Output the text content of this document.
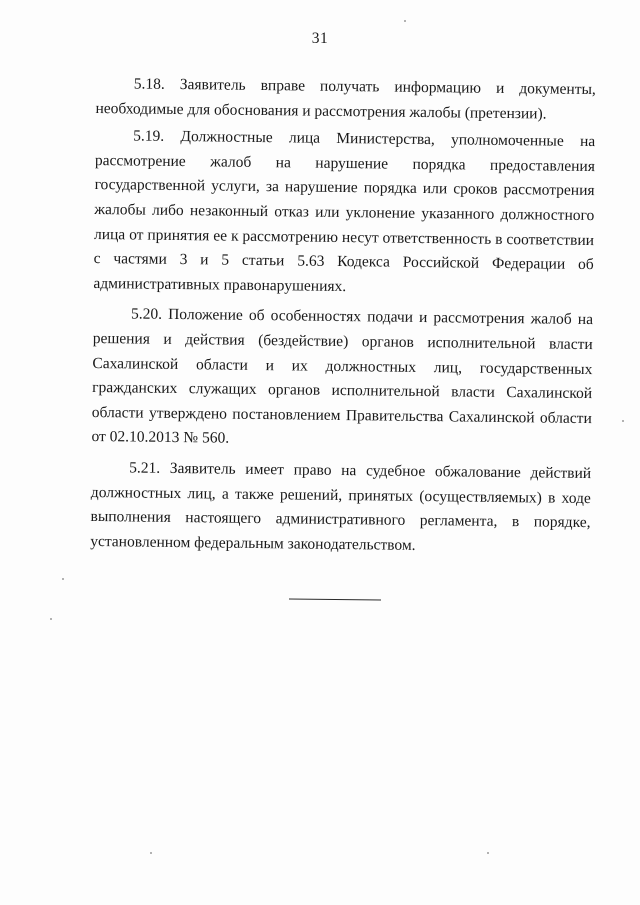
31

5.18. Заявитель вправе получать информацию и документы, необходимые для обоснования и рассмотрения жалобы (претензии).

5.19. Должностные лица Министерства, уполномоченные на рассмотрение жалоб на нарушение порядка предоставления государственной услуги, за нарушение порядка или сроков рассмотрения жалобы либо незаконный отказ или уклонение указанного должностного лица от принятия ее к рассмотрению несут ответственность в соответствии с частями 3 и 5 статьи 5.63 Кодекса Российской Федерации об административных правонарушениях.

5.20. Положение об особенностях подачи и рассмотрения жалоб на решения и действия (бездействие) органов исполнительной власти Сахалинской области и их должностных лиц, государственных гражданских служащих органов исполнительной власти Сахалинской области утверждено постановлением Правительства Сахалинской области от 02.10.2013 № 560.

5.21. Заявитель имеет право на судебное обжалование действий должностных лиц, а также решений, принятых (осуществляемых) в ходе выполнения настоящего административного регламента, в порядке, установленном федеральным законодательством.
